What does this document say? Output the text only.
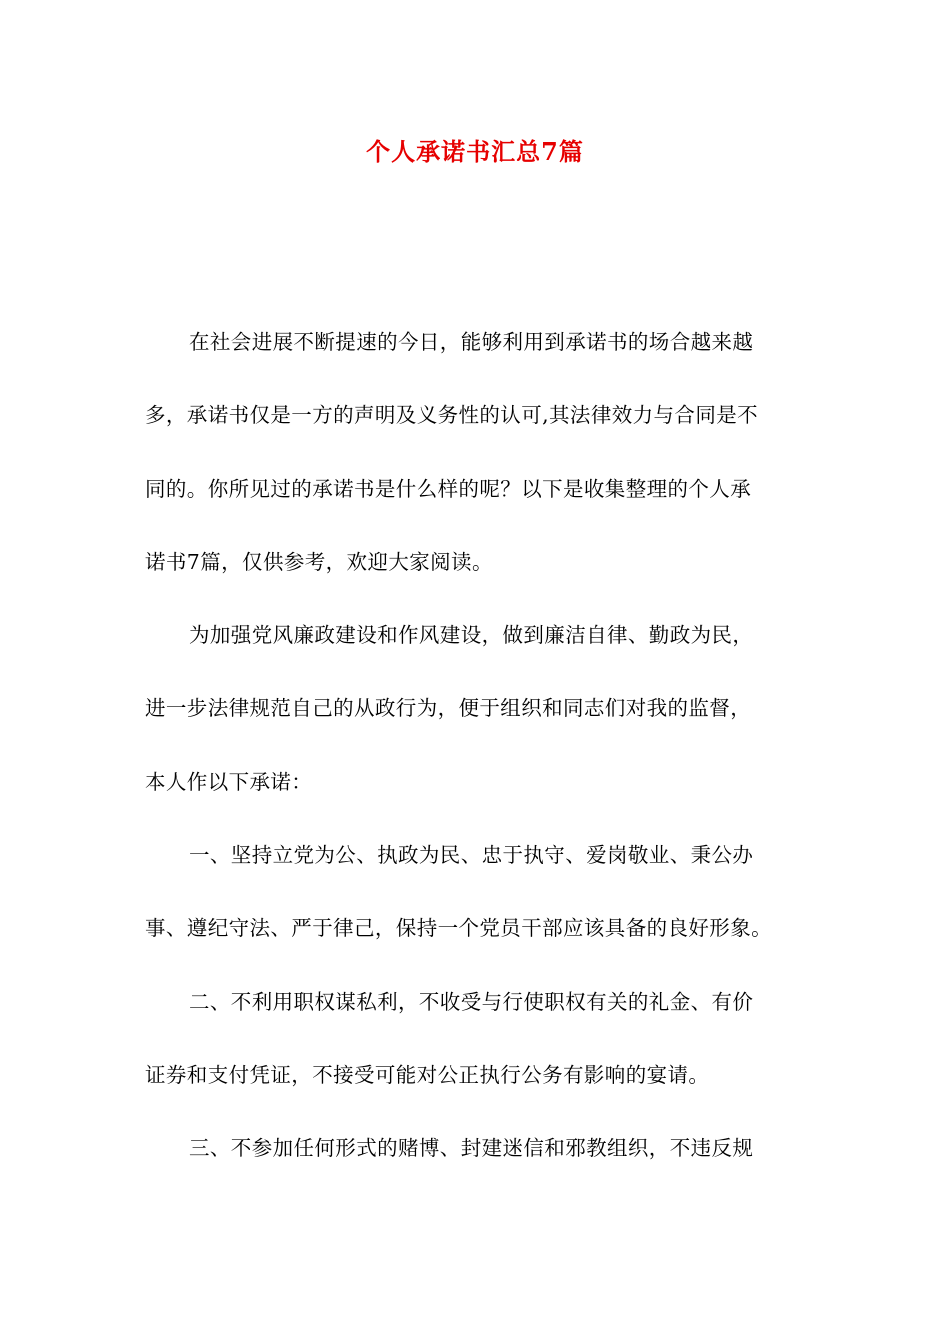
个人承诺书汇总7篇
在社会进展不断提速的今日，能够利用到承诺书的场合越来越
多，承诺书仅是一方的声明及义务性的认可,其法律效力与合同是不
同的。你所见过的承诺书是什么样的呢？以下是收集整理的个人承
诺书7篇，仅供参考，欢迎大家阅读。
为加强党风廉政建设和作风建设，做到廉洁自律、勤政为民，
进一步法律规范自己的从政行为，便于组织和同志们对我的监督，
本人作以下承诺：
一、坚持立党为公、执政为民、忠于执守、爱岗敬业、秉公办
事、遵纪守法、严于律己，保持一个党员干部应该具备的良好形象。
二、不利用职权谋私利，不收受与行使职权有关的礼金、有价
证券和支付凭证，不接受可能对公正执行公务有影响的宴请。
三、不参加任何形式的赌博、封建迷信和邪教组织，不违反规
